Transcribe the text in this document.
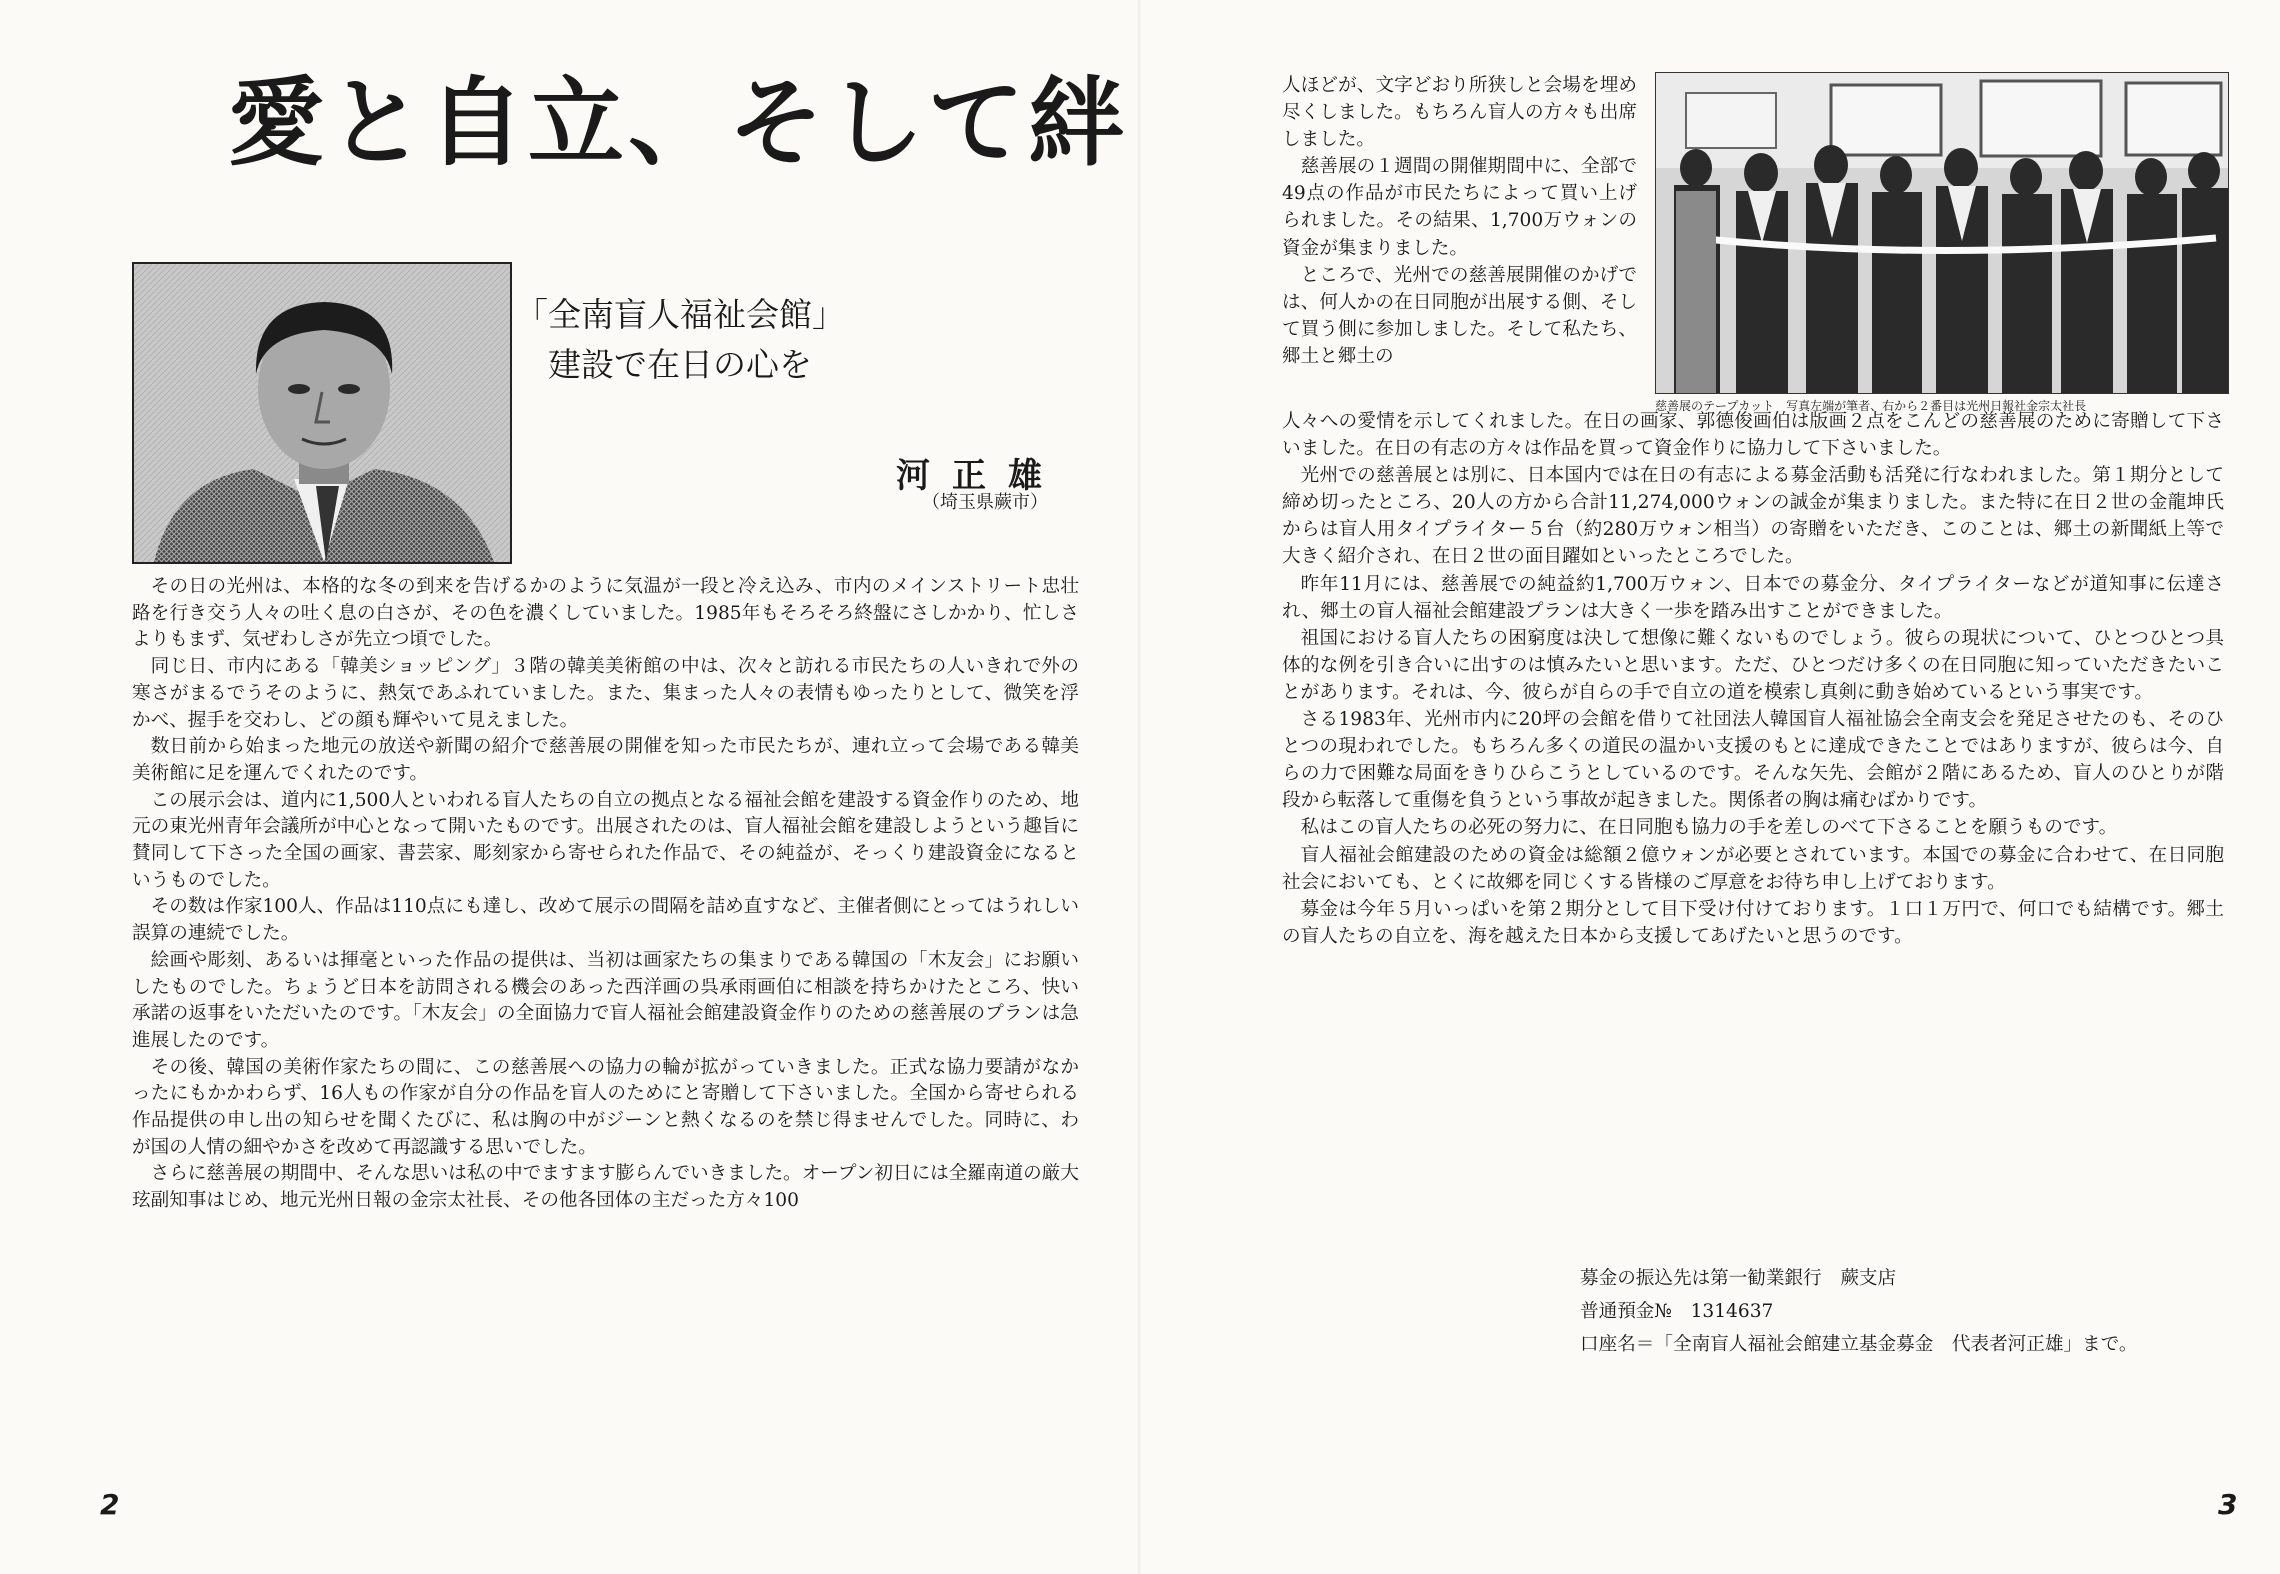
愛と自立、そして絆
「全南盲人福祉会館」
建設で在日の心を
河正雄
（埼玉県蕨市）

その日の光州は、本格的な冬の到来を告げるかのように気温が一段と冷え込み、市内のメインストリート忠壮路を行き交う人々の吐く息の白さが、その色を濃くしていました。1985年もそろそろ終盤にさしかかり、忙しさよりもまず、気ぜわしさが先立つ頃でした。

同じ日、市内にある「韓美ショッピング」３階の韓美美術館の中は、次々と訪れる市民たちの人いきれで外の寒さがまるでうそのように、熱気であふれていました。また、集まった人々の表情もゆったりとして、微笑を浮かべ、握手を交わし、どの顔も輝やいて見えました。

数日前から始まった地元の放送や新聞の紹介で慈善展の開催を知った市民たちが、連れ立って会場である韓美美術館に足を運んでくれたのです。

この展示会は、道内に1,500人といわれる盲人たちの自立の拠点となる福祉会館を建設する資金作りのため、地元の東光州青年会議所が中心となって開いたものです。出展されたのは、盲人福祉会館を建設しようという趣旨に賛同して下さった全国の画家、書芸家、彫刻家から寄せられた作品で、その純益が、そっくり建設資金になるというものでした。

その数は作家100人、作品は110点にも達し、改めて展示の間隔を詰め直すなど、主催者側にとってはうれしい誤算の連続でした。

絵画や彫刻、あるいは揮毫といった作品の提供は、当初は画家たちの集まりである韓国の「木友会」にお願いしたものでした。ちょうど日本を訪問される機会のあった西洋画の呉承雨画伯に相談を持ちかけたところ、快い承諾の返事をいただいたのです。「木友会」の全面協力で盲人福祉会館建設資金作りのための慈善展のプランは急進展したのです。

その後、韓国の美術作家たちの間に、この慈善展への協力の輪が拡がっていきました。正式な協力要請がなかったにもかかわらず、16人もの作家が自分の作品を盲人のためにと寄贈して下さいました。全国から寄せられる作品提供の申し出の知らせを聞くたびに、私は胸の中がジーンと熱くなるのを禁じ得ませんでした。同時に、わが国の人情の細やかさを改めて再認識する思いでした。

さらに慈善展の期間中、そんな思いは私の中でますます膨らんでいきました。オープン初日には全羅南道の厳大玹副知事はじめ、地元光州日報の金宗太社長、その他各団体の主だった方々100

2

人ほどが、文字どおり所狭しと会場を埋め尽くしました。もちろん盲人の方々も出席しました。

慈善展の１週間の開催期間中に、全部で49点の作品が市民たちによって買い上げられました。その結果、1,700万ウォンの資金が集まりました。

ところで、光州での慈善展開催のかげでは、何人かの在日同胞が出展する側、そして買う側に参加しました。そして私たち、郷土と郷土の

慈善展のテープカット　写真左端が筆者、右から２番目は光州日報社金宗太社長

人々への愛情を示してくれました。在日の画家、郭德俊画伯は版画２点をこんどの慈善展のために寄贈して下さいました。在日の有志の方々は作品を買って資金作りに協力して下さいました。

光州での慈善展とは別に、日本国内では在日の有志による募金活動も活発に行なわれました。第１期分として締め切ったところ、20人の方から合計11,274,000ウォンの誠金が集まりました。また特に在日２世の金龍坤氏からは盲人用タイプライター５台（約280万ウォン相当）の寄贈をいただき、このことは、郷土の新聞紙上等で大きく紹介され、在日２世の面目躍如といったところでした。

昨年11月には、慈善展での純益約1,700万ウォン、日本での募金分、タイプライターなどが道知事に伝達され、郷土の盲人福祉会館建設プランは大きく一歩を踏み出すことができました。

祖国における盲人たちの困窮度は決して想像に難くないものでしょう。彼らの現状について、ひとつひとつ具体的な例を引き合いに出すのは慎みたいと思います。ただ、ひとつだけ多くの在日同胞に知っていただきたいことがあります。それは、今、彼らが自らの手で自立の道を模索し真剣に動き始めているという事実です。

さる1983年、光州市内に20坪の会館を借りて社団法人韓国盲人福祉協会全南支会を発足させたのも、そのひとつの現われでした。もちろん多くの道民の温かい支援のもとに達成できたことではありますが、彼らは今、自らの力で困難な局面をきりひらこうとしているのです。そんな矢先、会館が２階にあるため、盲人のひとりが階段から転落して重傷を負うという事故が起きました。関係者の胸は痛むばかりです。

私はこの盲人たちの必死の努力に、在日同胞も協力の手を差しのべて下さることを願うものです。

盲人福祉会館建設のための資金は総額２億ウォンが必要とされています。本国での募金に合わせて、在日同胞社会においても、とくに故郷を同じくする皆様のご厚意をお待ち申し上げております。

募金は今年５月いっぱいを第２期分として目下受け付けております。１口１万円で、何口でも結構です。郷土の盲人たちの自立を、海を越えた日本から支援してあげたいと思うのです。

募金の振込先は第一勧業銀行　蕨支店
普通預金№　1314637
口座名＝「全南盲人福祉会館建立基金募金　代表者河正雄」まで。
3
